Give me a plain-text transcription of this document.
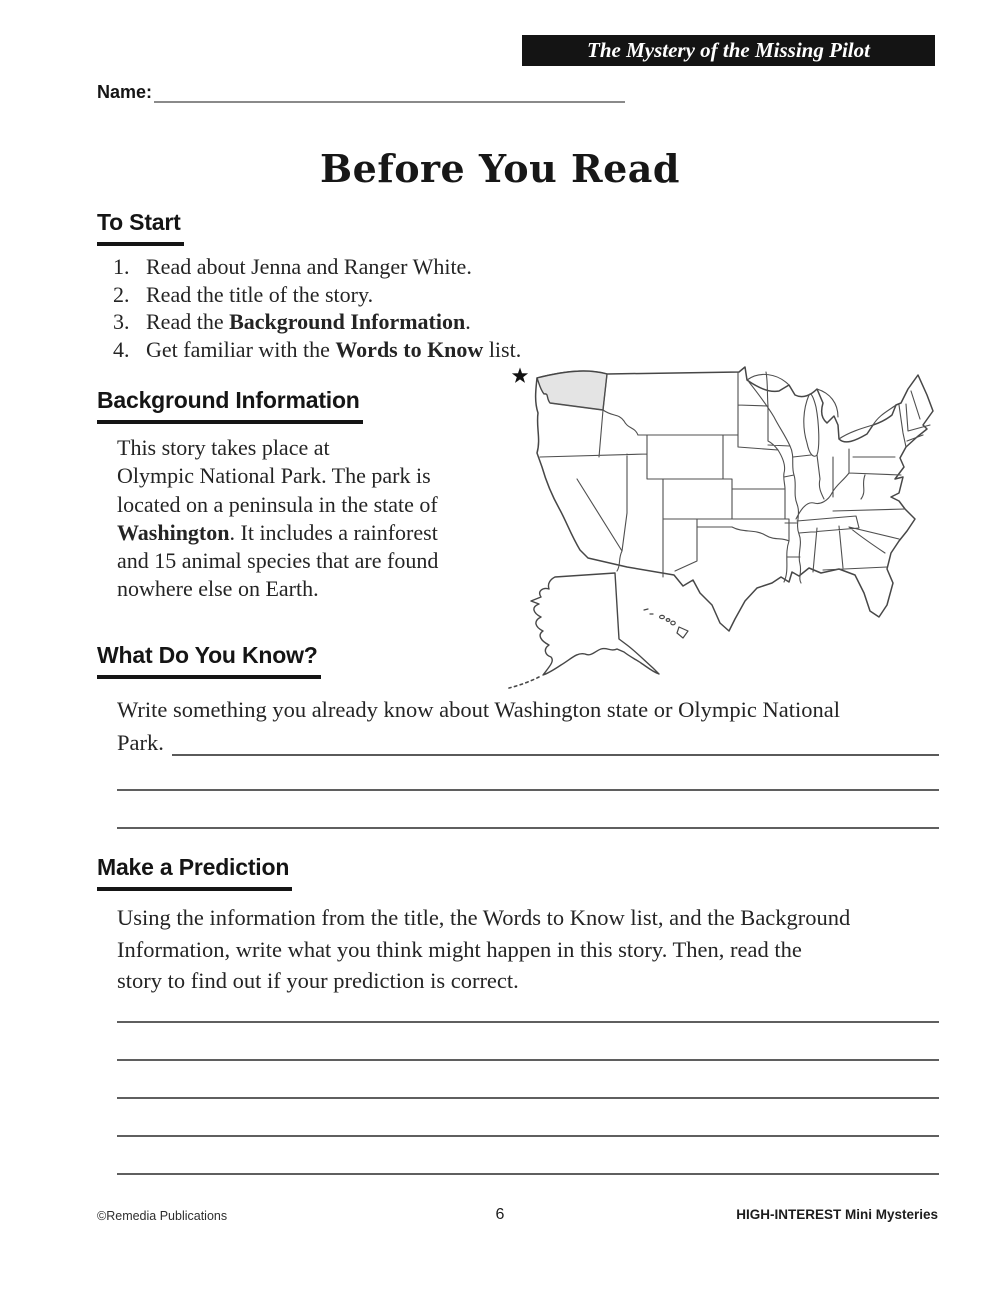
The Mystery of the Missing Pilot
Name:
Before You Read
To Start
1. Read about Jenna and Ranger White.
2. Read the title of the story.
3. Read the Background Information.
4. Get familiar with the Words to Know list.
Background Information
This story takes place at
Olympic National Park. The park is
located on a peninsula in the state of
Washington. It includes a rainforest
and 15 animal species that are found
nowhere else on Earth.
What Do You Know?
Write something you already know about Washington state or Olympic National
Park.
Make a Prediction
Using the information from the title, the Words to Know list, and the Background
Information, write what you think might happen in this story. Then, read the
story to find out if your prediction is correct.
©Remedia Publications	6	HIGH-INTEREST Mini Mysteries
